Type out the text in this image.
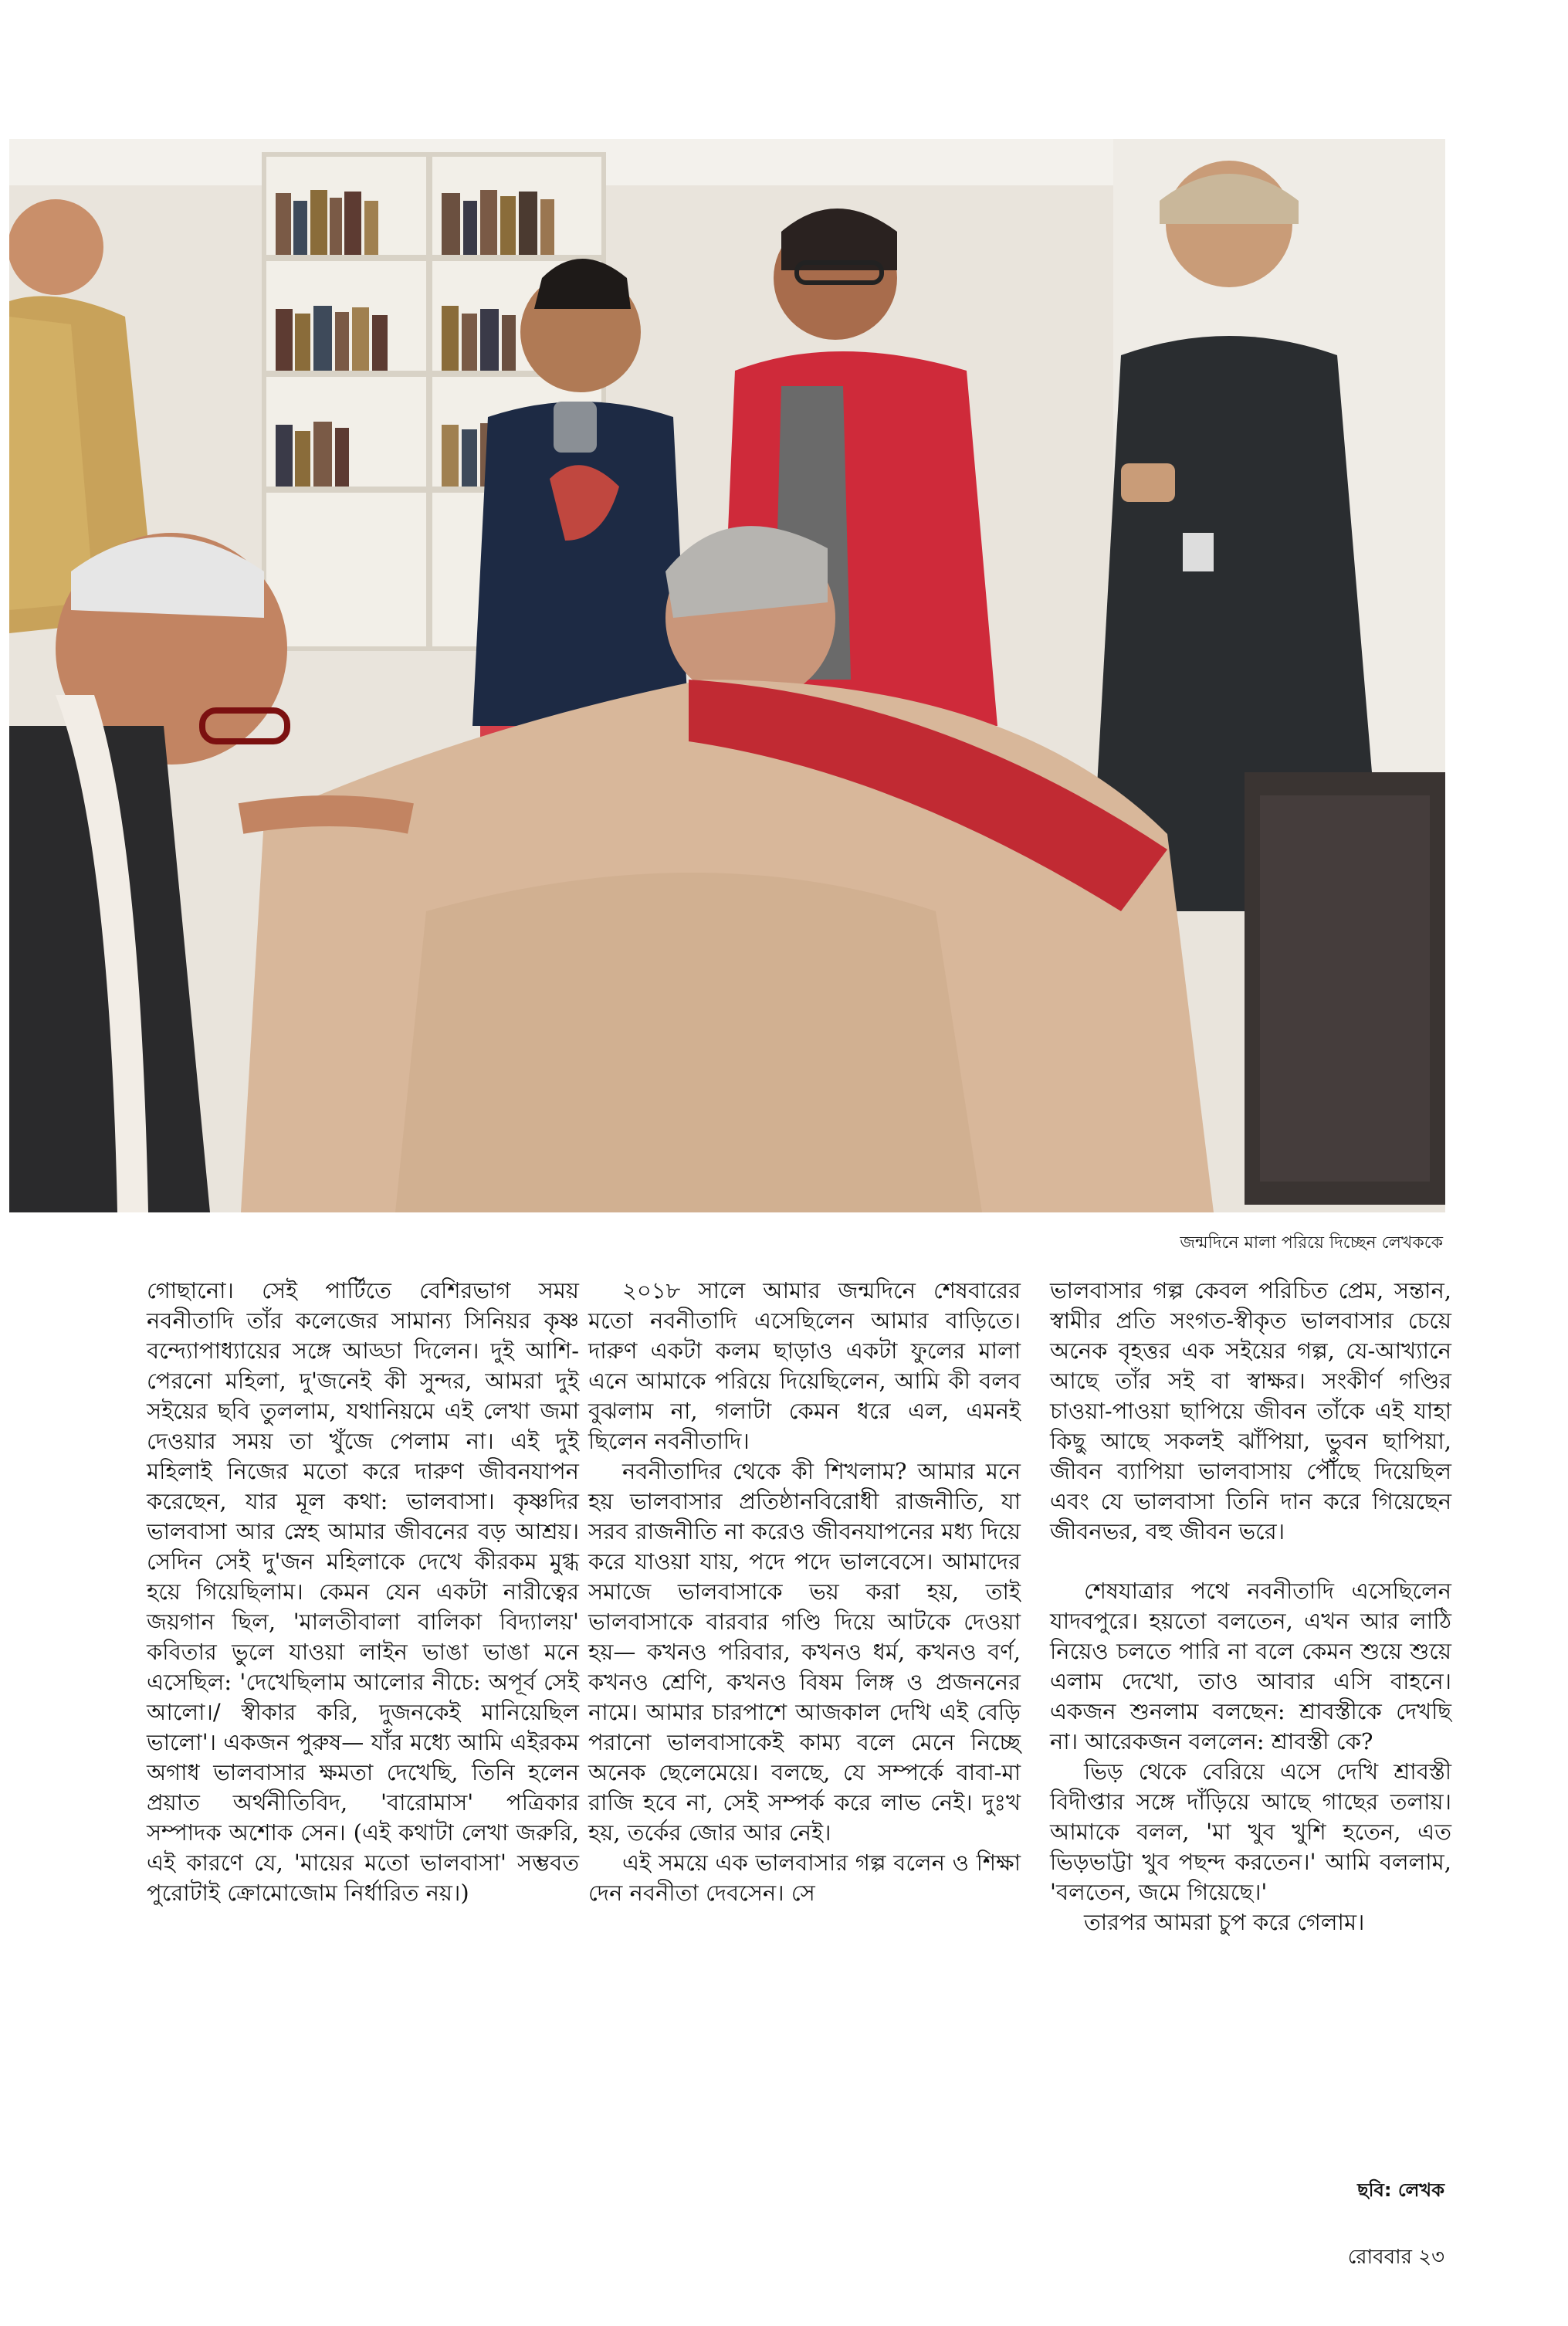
জন্মদিনে মালা পরিয়ে দিচ্ছেন লেখককে

গোছানো। সেই পার্টিতে বেশিরভাগ সময় নবনীতাদি তাঁর কলেজের সামান্য সিনিয়র কৃষ্ণ বন্দ্যোপাধ্যায়ের সঙ্গে আড্ডা দিলেন। দুই আশি-পেরনো মহিলা, দু'জনেই কী সুন্দর, আমরা দুই সইয়ের ছবি তুললাম, যথানিয়মে এই লেখা জমা দেওয়ার সময় তা খুঁজে পেলাম না। এই দুই মহিলাই নিজের মতো করে দারুণ জীবনযাপন করেছেন, যার মূল কথা: ভালবাসা। কৃষ্ণদির ভালবাসা আর স্নেহ আমার জীবনের বড় আশ্রয়। সেদিন সেই দু'জন মহিলাকে দেখে কীরকম মুগ্ধ হয়ে গিয়েছিলাম। কেমন যেন একটা নারীত্বের জয়গান ছিল, 'মালতীবালা বালিকা বিদ্যালয়' কবিতার ভুলে যাওয়া লাইন ভাঙা ভাঙা মনে এসেছিল: 'দেখেছিলাম আলোর নীচে: অপূর্ব সেই আলো।/ স্বীকার করি, দুজনকেই মানিয়েছিল ভালো'। একজন পুরুষ— যাঁর মধ্যে আমি এইরকম অগাধ ভালবাসার ক্ষমতা দেখেছি, তিনি হলেন প্রয়াত অর্থনীতিবিদ, 'বারোমাস' পত্রিকার সম্পাদক অশোক সেন। (এই কথাটা লেখা জরুরি, এই কারণে যে, 'মায়ের মতো ভালবাসা' সম্ভবত পুরোটাই ক্রোমোজোম নির্ধারিত নয়।)

২০১৮ সালে আমার জন্মদিনে শেষবারের মতো নবনীতাদি এসেছিলেন আমার বাড়িতে। দারুণ একটা কলম ছাড়াও একটা ফুলের মালা এনে আমাকে পরিয়ে দিয়েছিলেন, আমি কী বলব বুঝলাম না, গলাটা কেমন ধরে এল, এমনই ছিলেন নবনীতাদি।

নবনীতাদির থেকে কী শিখলাম? আমার মনে হয় ভালবাসার প্রতিষ্ঠানবিরোধী রাজনীতি, যা সরব রাজনীতি না করেও জীবনযাপনের মধ্য দিয়ে করে যাওয়া যায়, পদে পদে ভালবেসে। আমাদের সমাজে ভালবাসাকে ভয় করা হয়, তাই ভালবাসাকে বারবার গণ্ডি দিয়ে আটকে দেওয়া হয়— কখনও পরিবার, কখনও ধর্ম, কখনও বর্ণ, কখনও শ্রেণি, কখনও বিষম লিঙ্গ ও প্রজননের নামে। আমার চারপাশে আজকাল দেখি এই বেড়ি পরানো ভালবাসাকেই কাম্য বলে মেনে নিচ্ছে অনেক ছেলেমেয়ে। বলছে, যে সম্পর্কে বাবা-মা রাজি হবে না, সেই সম্পর্ক করে লাভ নেই। দুঃখ হয়, তর্কের জোর আর নেই।

এই সময়ে এক ভালবাসার গল্প বলেন ও শিক্ষা দেন নবনীতা দেবসেন। সে

ভালবাসার গল্প কেবল পরিচিত প্রেম, সন্তান, স্বামীর প্রতি সংগত-স্বীকৃত ভালবাসার চেয়ে অনেক বৃহত্তর এক সইয়ের গল্প, যে-আখ্যানে আছে তাঁর সই বা স্বাক্ষর। সংকীর্ণ গণ্ডির চাওয়া-পাওয়া ছাপিয়ে জীবন তাঁকে এই যাহা কিছু আছে সকলই ঝাঁপিয়া, ভুবন ছাপিয়া, জীবন ব্যাপিয়া ভালবাসায় পৌঁছে দিয়েছিল এবং যে ভালবাসা তিনি দান করে গিয়েছেন জীবনভর, বহু জীবন ভরে।

শেষযাত্রার পথে নবনীতাদি এসেছিলেন যাদবপুরে। হয়তো বলতেন, এখন আর লাঠি নিয়েও চলতে পারি না বলে কেমন শুয়ে শুয়ে এলাম দেখো, তাও আবার এসি বাহনে। একজন শুনলাম বলছেন: শ্রাবস্তীকে দেখছি না। আরেকজন বললেন: শ্রাবস্তী কে?

ভিড় থেকে বেরিয়ে এসে দেখি শ্রাবস্তী বিদীপ্তার সঙ্গে দাঁড়িয়ে আছে গাছের তলায়। আমাকে বলল, 'মা খুব খুশি হতেন, এত ভিড়ভাট্টা খুব পছন্দ করতেন।' আমি বললাম, 'বলতেন, জমে গিয়েছে।'

তারপর আমরা চুপ করে গেলাম।

ছবি: লেখক
রোববার ২৩
